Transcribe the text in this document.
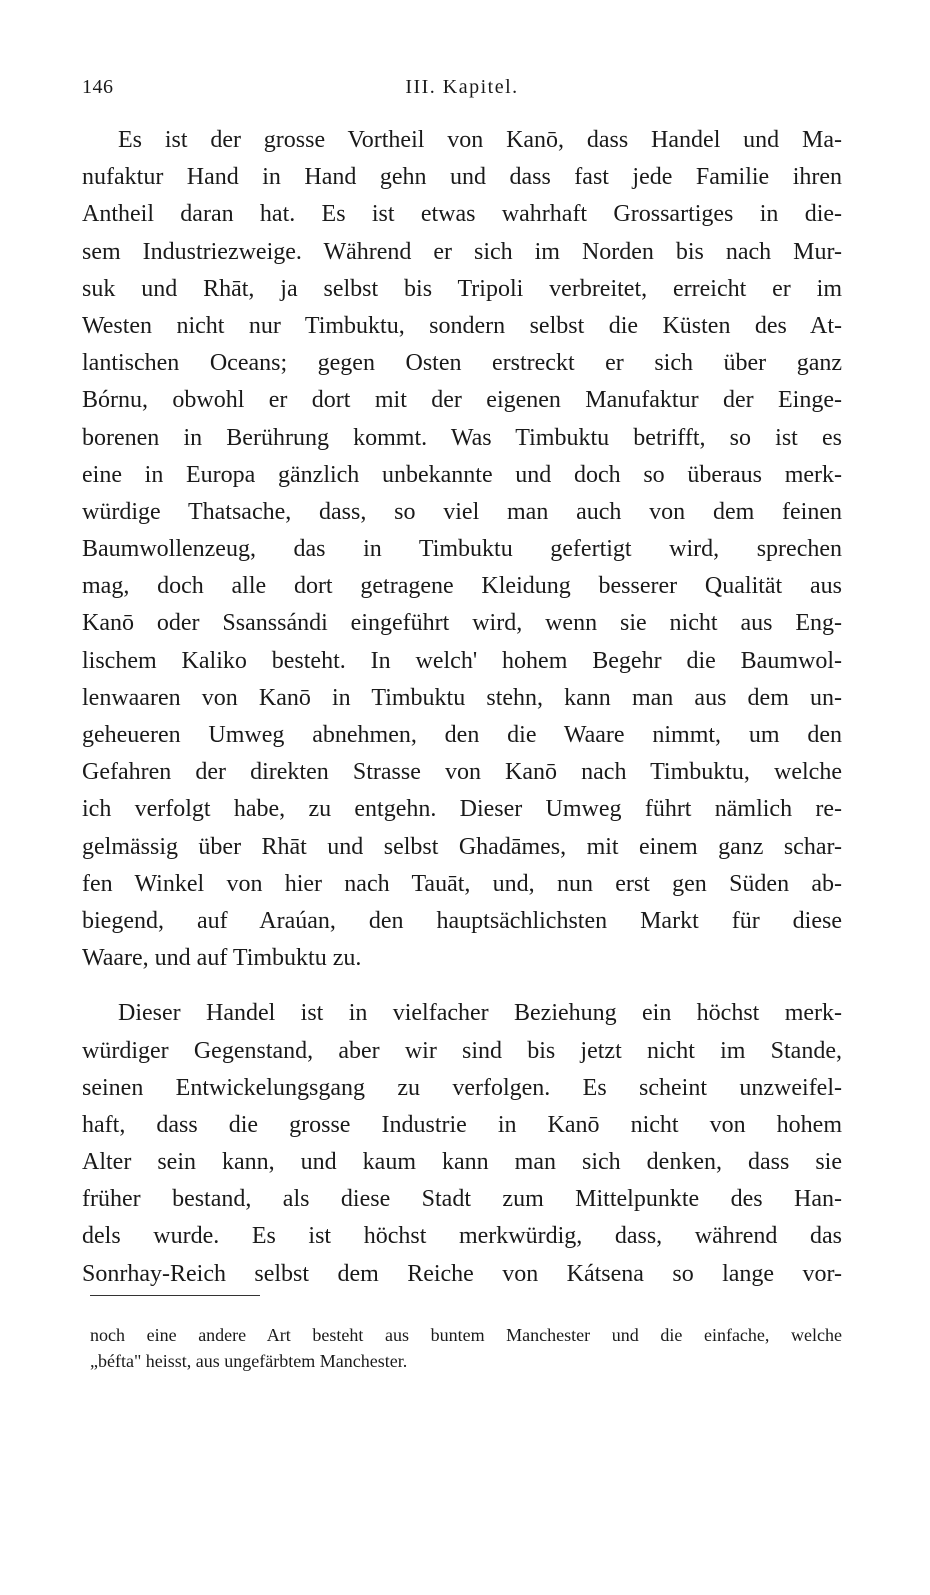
146	III. Kapitel.
Es ist der grosse Vortheil von Kanō, dass Handel und Ma-
nufaktur Hand in Hand gehn und dass fast jede Familie ihren
Antheil daran hat. Es ist etwas wahrhaft Grossartiges in die-
sem Industriezweige. Während er sich im Norden bis nach Mur-
suk und Rhāt, ja selbst bis Tripoli verbreitet, erreicht er im
Westen nicht nur Timbuktu, sondern selbst die Küsten des At-
lantischen Oceans; gegen Osten erstreckt er sich über ganz
Bórnu, obwohl er dort mit der eigenen Manufaktur der Einge-
borenen in Berührung kommt. Was Timbuktu betrifft, so ist es
eine in Europa gänzlich unbekannte und doch so überaus merk-
würdige Thatsache, dass, so viel man auch von dem feinen
Baumwollenzeug, das in Timbuktu gefertigt wird, sprechen
mag, doch alle dort getragene Kleidung besserer Qualität aus
Kanō oder Ssanssándi eingeführt wird, wenn sie nicht aus Eng-
lischem Kaliko besteht. In welch' hohem Begehr die Baumwol-
lenwaaren von Kanō in Timbuktu stehn, kann man aus dem un-
geheueren Umweg abnehmen, den die Waare nimmt, um den
Gefahren der direkten Strasse von Kanō nach Timbuktu, welche
ich verfolgt habe, zu entgehn. Dieser Umweg führt nämlich re-
gelmässig über Rhāt und selbst Ghadāmes, mit einem ganz schar-
fen Winkel von hier nach Tauāt, und, nun erst gen Süden ab-
biegend, auf Araúan, den hauptsächlichsten Markt für diese
Waare, und auf Timbuktu zu.
Dieser Handel ist in vielfacher Beziehung ein höchst merk-
würdiger Gegenstand, aber wir sind bis jetzt nicht im Stande,
seinen Entwickelungsgang zu verfolgen. Es scheint unzweifel-
haft, dass die grosse Industrie in Kanō nicht von hohem
Alter sein kann, und kaum kann man sich denken, dass sie
früher bestand, als diese Stadt zum Mittelpunkte des Han-
dels wurde. Es ist höchst merkwürdig, dass, während das
Sonrhay-Reich selbst dem Reiche von Kátsena so lange vor-
noch eine andere Art besteht aus buntem Manchester und die einfache, welche
„béfta" heisst, aus ungefärbtem Manchester.
